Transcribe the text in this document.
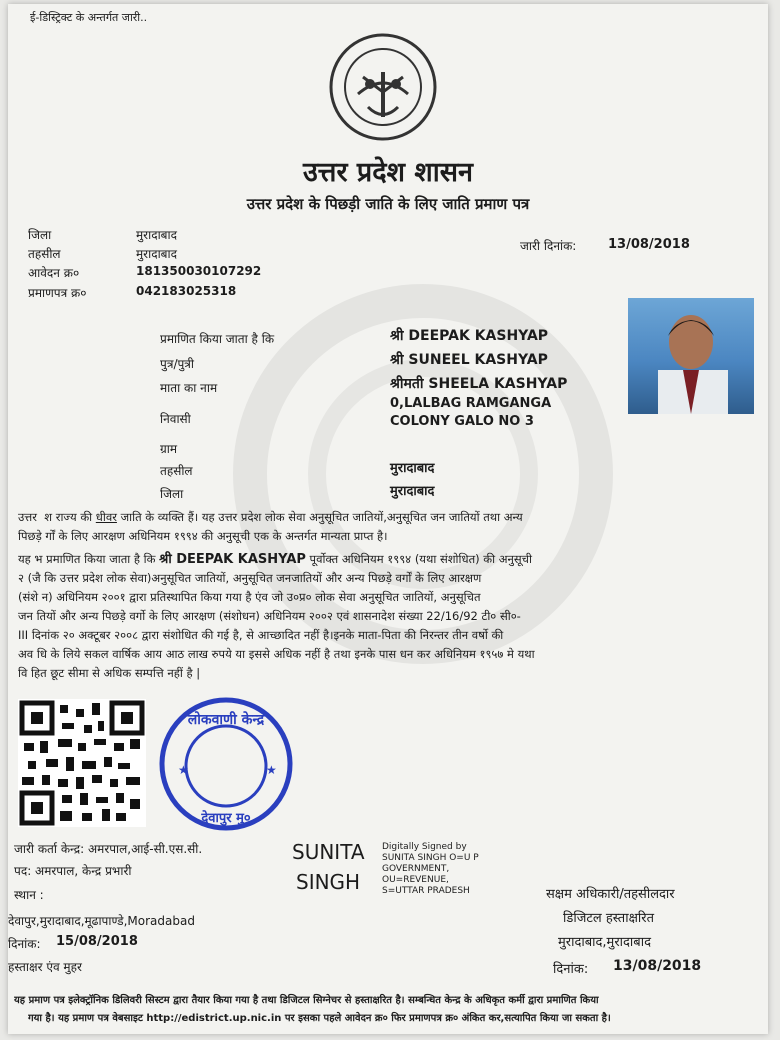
ई-डिस्ट्रिक्ट के अन्तर्गत जारी..
उत्तर प्रदेश शासन
उत्तर प्रदेश के पिछड़ी जाति के लिए जाति प्रमाण पत्र
जिला	मुरादाबाद
तहसील	मुरादाबाद
आवेदन क्र०	181350030107292
प्रमाणपत्र क्र०	042183025318
जारी दिनांक: 13/08/2018
प्रमाणित किया जाता है कि	श्री DEEPAK KASHYAP
पुत्र/पुत्री	श्री SUNEEL KASHYAP
माता का नाम	श्रीमती SHEELA KASHYAP
निवासी
0,LALBAG RAMGANGA
COLONY GALO NO 3
ग्राम
तहसील	मुरादाबाद
जिला	मुरादाबाद
उत्तर ‌ श राज्य की धीवर जाति के व्यक्ति हैं। यह उत्तर प्रदेश लोक सेवा अनुसूचित जातियों,अनुसूचित जन जातियों तथा अन्य
पिछड़े र्गों के लिए आरक्षण अधिनियम १९९४ की अनुसूची एक के अन्तर्गत मान्यता प्राप्त है।
यह भ प्रमाणित किया जाता है कि श्री DEEPAK KASHYAP पूर्वोक्त अधिनियम १९९४ (यथा संशोधित) की अनुसूची
२ (जै कि उत्तर प्रदेश लोक सेवा)अनुसूचित जातियों, अनुसूचित जनजातियों और अन्य पिछड़े वर्गों के लिए आरक्षण
(संशे न) अधिनियम २००१ द्वारा प्रतिस्थापित किया गया है एंव जो उ०प्र० लोक सेवा अनुसूचित जातियों, अनुसूचित
जन तियों और अन्य पिछड़े वर्गो के लिए आरक्षण (संशोधन) अधिनियम २००२ एवं शासनादेश संख्या 22/16/92 टी० सी०-
III दिनांक २० अक्टूबर २००८ द्वारा संशोधित की गई है, से आच्छादित नहीं है।इनके माता-पिता की निरन्तर तीन वर्षो की
अव धि के लिये सकल वार्षिक आय आठ लाख रुपये या इससे अधिक नहीं है तथा इनके पास धन कर अधिनियम १९५७ मे यथा
वि हित छूट सीमा से अधिक सम्पत्ति नहीं है |
लोकवाणी केन्द्र
देवापुर मु०
★	★
जारी कर्ता केन्द्र: अमरपाल,आई-सी.एस.सी.
पद: अमरपाल, केन्द्र प्रभारी
स्थान :
देवापुर,मुरादाबाद,मूढापाण्डे,Moradabad
दिनांक: 15/08/2018
हस्ताक्षर एंव मुहर
SUNITA
SINGH
Digitally Signed by
SUNITA SINGH O=U P
GOVERNMENT,
OU=REVENUE,
S=UTTAR PRADESH	सक्षम अधिकारी/तहसीलदार
डिजिटल हस्ताक्षरित
मुरादाबाद,मुरादाबाद
दिनांक: 13/08/2018
यह प्रमाण पत्र इलेक्ट्रॉनिक डिलिवरी सिस्टम द्वारा तैयार किया गया है तथा डिजिटल सिग्नेचर से हस्ताक्षरित है। सम्बन्धित केन्द्र के अधिकृत कर्मी द्वारा प्रमाणित किया
गया है। यह प्रमाण पत्र वेबसाइट http://edistrict.up.nic.in पर इसका पहले आवेदन क्र० फिर प्रमाणपत्र क्र० अंकित कर,सत्यापित किया जा सकता है।
